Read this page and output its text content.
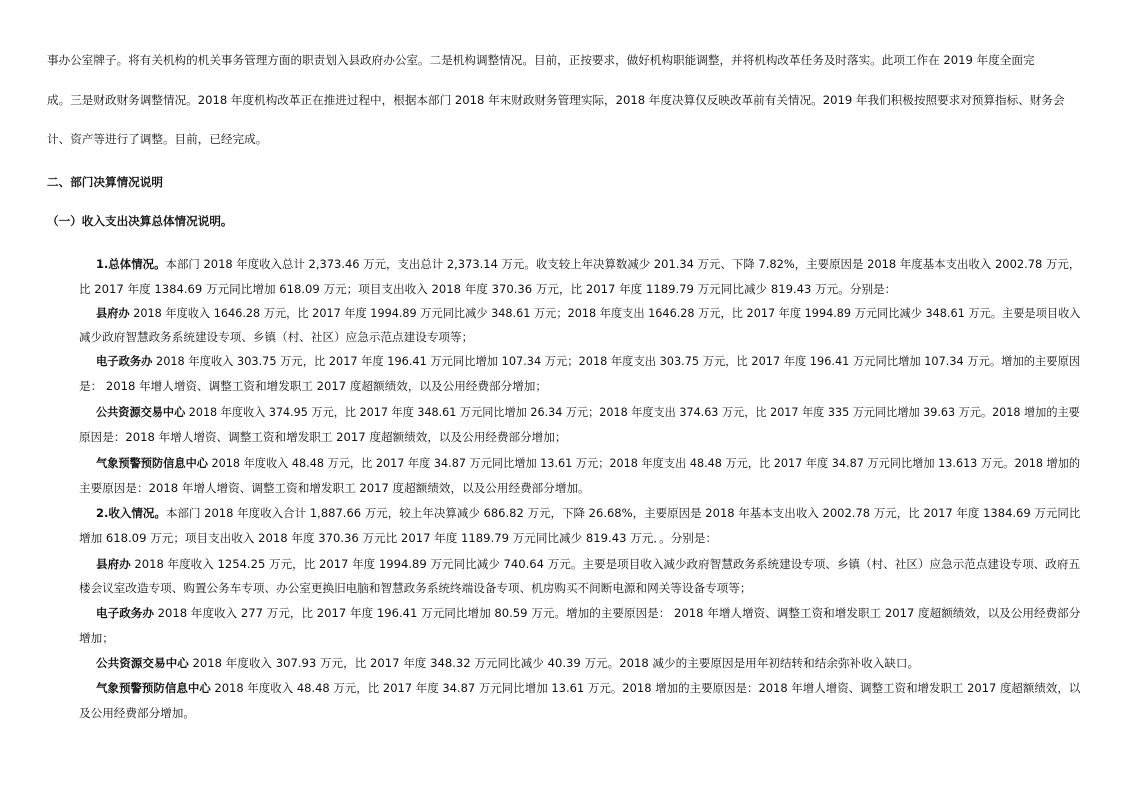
事办公室牌子。将有关机构的机关事务管理方面的职责划入县政府办公室。二是机构调整情况。目前，正按要求，做好机构职能调整，并将机构改革任务及时落实。此项工作在 2019 年度全面完
成。三是财政财务调整情况。2018 年度机构改革正在推进过程中，根据本部门 2018 年末财政财务管理实际，2018 年度决算仅反映改革前有关情况。2019 年我们积极按照要求对预算指标、财务会
计、资产等进行了调整。目前，已经完成。
二、部门决算情况说明
（一）收入支出决算总体情况说明。
1.总体情况。本部门 2018 年度收入总计 2,373.46 万元，支出总计 2,373.14 万元。收支较上年决算数减少 201.34 万元、下降 7.82%，主要原因是 2018 年度基本支出收入 2002.78 万元，
比 2017 年度 1384.69 万元同比增加 618.09 万元；项目支出收入 2018 年度 370.36 万元，比 2017 年度 1189.79 万元同比减少 819.43 万元。分别是：
县府办 2018 年度收入 1646.28 万元，比 2017 年度 1994.89 万元同比减少 348.61 万元；2018 年度支出 1646.28 万元，比 2017 年度 1994.89 万元同比减少 348.61 万元。主要是项目收入
减少政府智慧政务系统建设专项、乡镇（村、社区）应急示范点建设专项等；
电子政务办 2018 年度收入 303.75 万元，比 2017 年度 196.41 万元同比增加 107.34 万元；2018 年度支出 303.75 万元，比 2017 年度 196.41 万元同比增加 107.34 万元。增加的主要原因
是： 2018 年增人增资、调整工资和增发职工 2017 度超额绩效，以及公用经费部分增加；
公共资源交易中心 2018 年度收入 374.95 万元，比 2017 年度 348.61 万元同比增加 26.34 万元；2018 年度支出 374.63 万元，比 2017 年度 335 万元同比增加 39.63 万元。2018 增加的主要
原因是：2018 年增人增资、调整工资和增发职工 2017 度超额绩效，以及公用经费部分增加；
气象预警预防信息中心 2018 年度收入 48.48 万元，比 2017 年度 34.87 万元同比增加 13.61 万元；2018 年度支出 48.48 万元，比 2017 年度 34.87 万元同比增加 13.613 万元。2018 增加的
主要原因是：2018 年增人增资、调整工资和增发职工 2017 度超额绩效，以及公用经费部分增加。
2.收入情况。本部门 2018 年度收入合计 1,887.66 万元，较上年决算减少 686.82 万元，下降 26.68%，主要原因是 2018 年基本支出收入 2002.78 万元，比 2017 年度 1384.69 万元同比
增加 618.09 万元；项目支出收入 2018 年度 370.36 万元比 2017 年度 1189.79 万元同比减少 819.43 万元．。分别是：
县府办 2018 年度收入 1254.25 万元，比 2017 年度 1994.89 万元同比减少 740.64 万元。主要是项目收入减少政府智慧政务系统建设专项、乡镇（村、社区）应急示范点建设专项、政府五
楼会议室改造专项、购置公务车专项、办公室更换旧电脑和智慧政务系统终端设备专项、机房购买不间断电源和网关等设备专项等；
电子政务办 2018 年度收入 277 万元，比 2017 年度 196.41 万元同比增加 80.59 万元。增加的主要原因是： 2018 年增人增资、调整工资和增发职工 2017 度超额绩效，以及公用经费部分
增加；
公共资源交易中心 2018 年度收入 307.93 万元，比 2017 年度 348.32 万元同比减少 40.39 万元。2018 减少的主要原因是用年初结转和结余弥补收入缺口。
气象预警预防信息中心 2018 年度收入 48.48 万元，比 2017 年度 34.87 万元同比增加 13.61 万元。2018 增加的主要原因是：2018 年增人增资、调整工资和增发职工 2017 度超额绩效，以
及公用经费部分增加。
